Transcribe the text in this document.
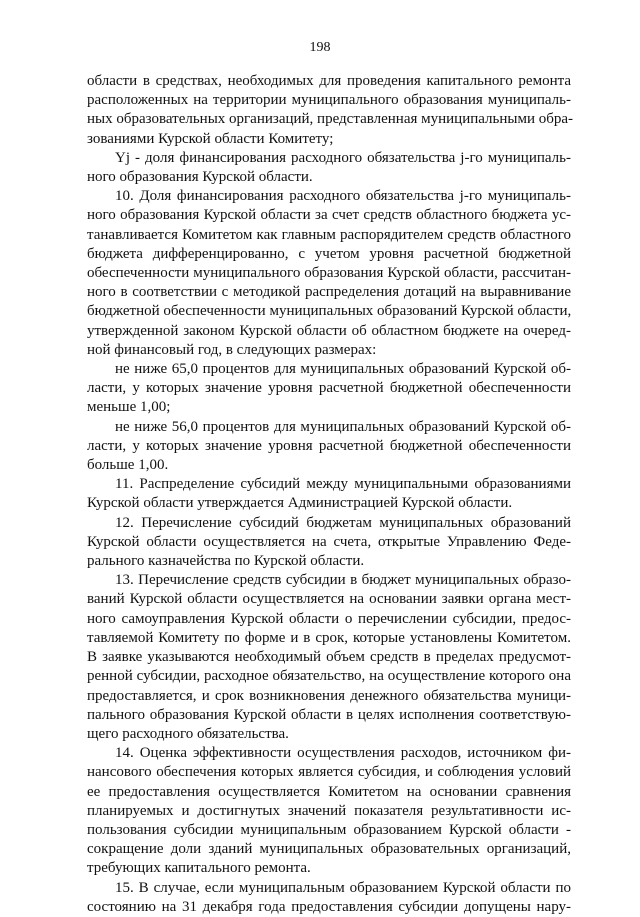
198
области в средствах, необходимых для проведения капитального ремонта
расположенных на территории муниципального образования муниципаль-
ных образовательных организаций, представленная муниципальными обра-
зованиями Курской области Комитету;
Yj - доля финансирования расходного обязательства j-го муниципаль-
ного образования Курской области.
10. Доля финансирования расходного обязательства j-го муниципаль-
ного образования Курской области за счет средств областного бюджета ус-
танавливается Комитетом как главным распорядителем средств областного
бюджета дифференцированно, с учетом уровня расчетной бюджетной
обеспеченности муниципального образования Курской области, рассчитан-
ного в соответствии с методикой распределения дотаций на выравнивание
бюджетной обеспеченности муниципальных образований Курской области,
утвержденной законом Курской области об областном бюджете на очеред-
ной финансовый год, в следующих размерах:
не ниже 65,0 процентов для муниципальных образований Курской об-
ласти, у которых значение уровня расчетной бюджетной обеспеченности
меньше 1,00;
не ниже 56,0 процентов для муниципальных образований Курской об-
ласти, у которых значение уровня расчетной бюджетной обеспеченности
больше 1,00.
11. Распределение субсидий между муниципальными образованиями
Курской области утверждается Администрацией Курской области.
12. Перечисление субсидий бюджетам муниципальных образований
Курской области осуществляется на счета, открытые Управлению Феде-
рального казначейства по Курской области.
13. Перечисление средств субсидии в бюджет муниципальных образо-
ваний Курской области осуществляется на основании заявки органа мест-
ного самоуправления Курской области о перечислении субсидии, предос-
тавляемой Комитету по форме и в срок, которые установлены Комитетом.
В заявке указываются необходимый объем средств в пределах предусмот-
ренной субсидии, расходное обязательство, на осуществление которого она
предоставляется, и срок возникновения денежного обязательства муници-
пального образования Курской области в целях исполнения соответствую-
щего расходного обязательства.
14. Оценка эффективности осуществления расходов, источником фи-
нансового обеспечения которых является субсидия, и соблюдения условий
ее предоставления осуществляется Комитетом на основании сравнения
планируемых и достигнутых значений показателя результативности ис-
пользования субсидии муниципальным образованием Курской области -
сокращение доли зданий муниципальных образовательных организаций,
требующих капитального ремонта.
15. В случае, если муниципальным образованием Курской области по
состоянию на 31 декабря года предоставления субсидии допущены нару-
